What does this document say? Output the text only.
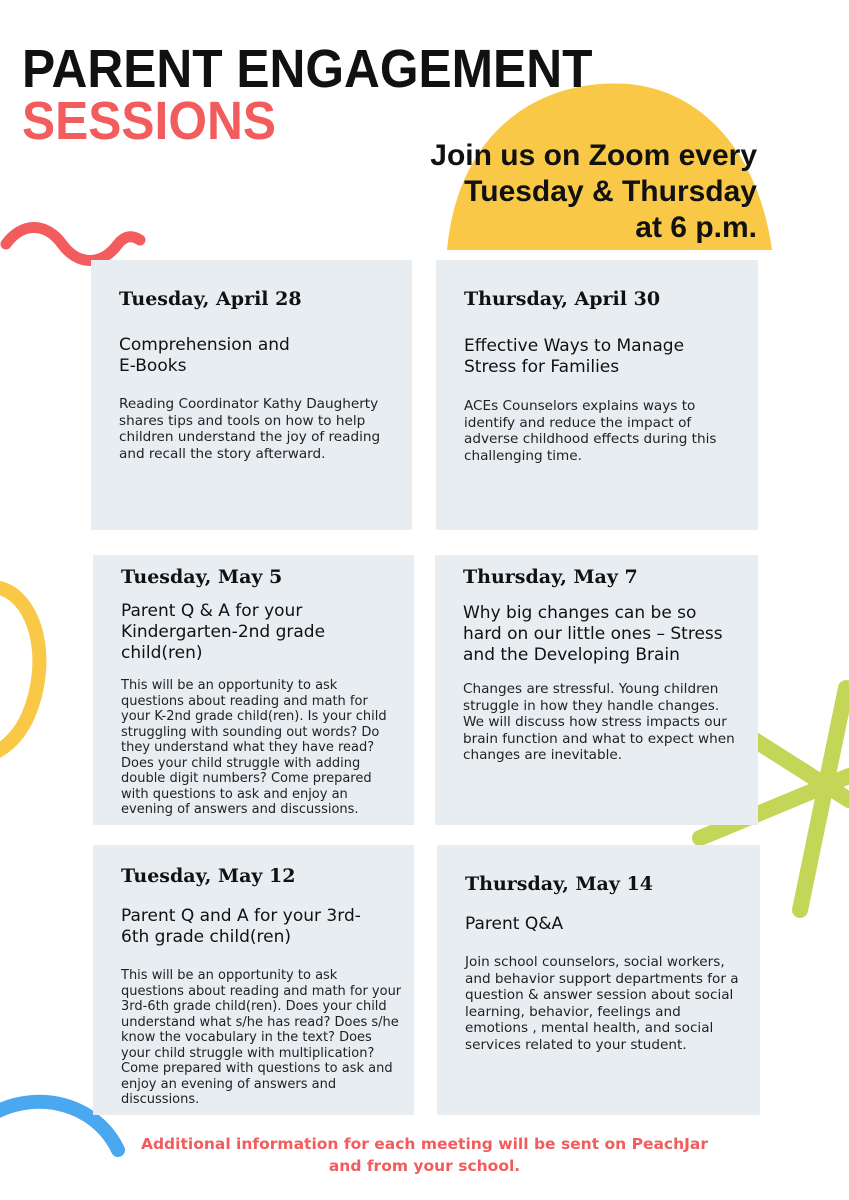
PARENT ENGAGEMENT
SESSIONS
Join us on Zoom every
Tuesday & Thursday
at 6 p.m.
Tuesday, April 28
Comprehension and
E-Books
Reading Coordinator Kathy Daugherty shares tips and tools on how to help children understand the joy of reading and recall the story afterward.
Thursday, April 30
Effective Ways to Manage Stress for Families
ACEs Counselors explains ways to identify and reduce the impact of adverse childhood effects during this challenging time.
Tuesday, May 5
Parent Q & A for your Kindergarten-2nd grade child(ren)
This will be an opportunity to ask questions about reading and math for your K-2nd grade child(ren). Is your child struggling with sounding out words? Do they understand what they have read? Does your child struggle with adding double digit numbers? Come prepared with questions to ask and enjoy an evening of answers and discussions.
Thursday, May 7
Why big changes can be so hard on our little ones – Stress and the Developing Brain
Changes are stressful. Young children struggle in how they handle changes. We will discuss how stress impacts our brain function and what to expect when changes are inevitable.
Tuesday, May 12
Parent Q and A for your 3rd-6th grade child(ren)
This will be an opportunity to ask questions about reading and math for your 3rd-6th grade child(ren). Does your child understand what s/he has read? Does s/he know the vocabulary in the text? Does your child struggle with multiplication? Come prepared with questions to ask and enjoy an evening of answers and discussions.
Thursday, May 14
Parent Q&A
Join school counselors, social workers, and behavior support departments for a question & answer session about social learning, behavior, feelings and emotions , mental health, and social services related to your student.
Additional information for each meeting will be sent on PeachJar
and from your school.
